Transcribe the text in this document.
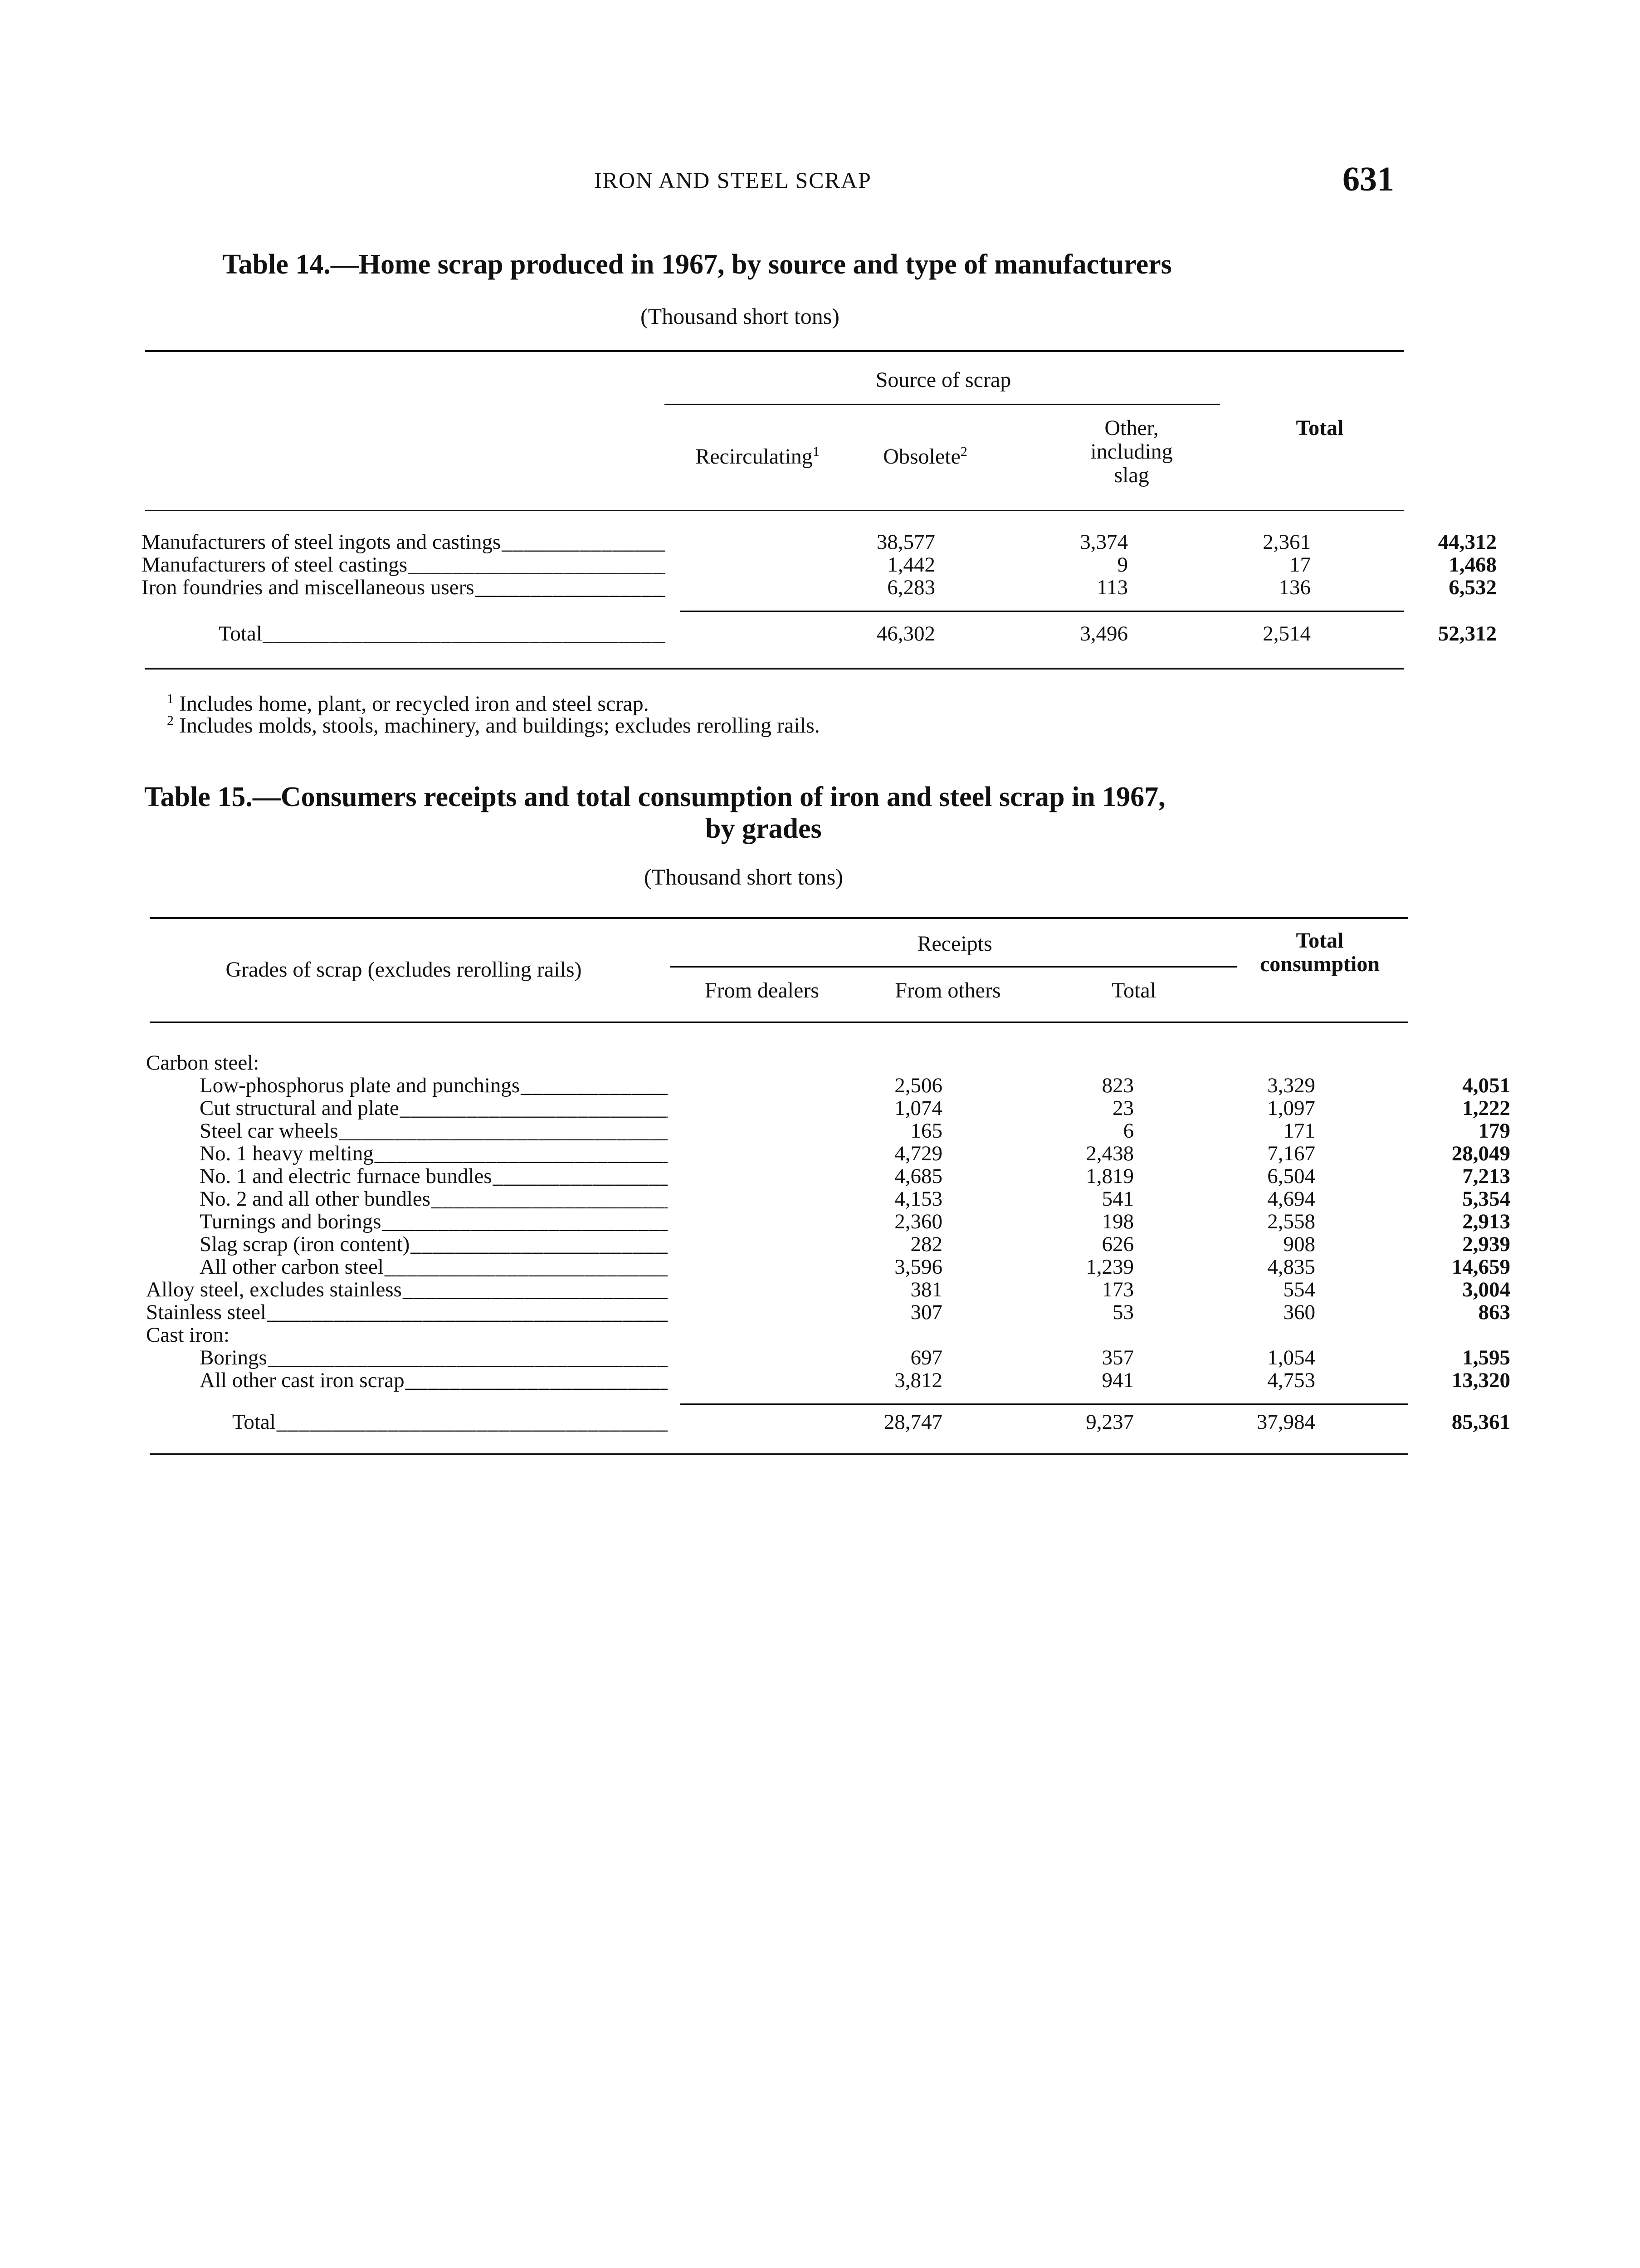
IRON AND STEEL SCRAP	631
Table 14.—Home scrap produced in 1967, by source and type of manufacturers
(Thousand short tons)
Source of scrap
Recirculating$^1$	Obsolete$^2$
Other,
including
slag
Total
Manufacturers of steel ingots and castings _____	38,577	3,374	2,361	44,312
Manufacturers of steel castings _____	1,442	9	17	1,468
Iron foundries and miscellaneous users _____	6,283	113	136	6,532
Total _____	46,302	3,496	2,514	52,312
$^1$ Includes home, plant, or recycled iron and steel scrap.
$^2$ Includes molds, stools, machinery, and buildings; excludes rerolling rails.
Table 15.—Consumers receipts and total consumption of iron and steel scrap in 1967,
by grades
(Thousand short tons)
Grades of scrap (excludes rerolling rails)
Receipts
From dealers	From others	Total
Total
consumption
Carbon steel:
Low-phosphorus plate and punchings _____	2,506	823	3,329	4,051
Cut structural and plate _____	1,074	23	1,097	1,222
Steel car wheels _____	165	6	171	179
No. 1 heavy melting _____	4,729	2,438	7,167	28,049
No. 1 and electric furnace bundles _____	4,685	1,819	6,504	7,213
No. 2 and all other bundles _____	4,153	541	4,694	5,354
Turnings and borings _____	2,360	198	2,558	2,913
Slag scrap (iron content) _____	282	626	908	2,939
All other carbon steel _____	3,596	1,239	4,835	14,659
Alloy steel, excludes stainless _____	381	173	554	3,004
Stainless steel _____	307	53	360	863
Cast iron:
Borings _____	697	357	1,054	1,595
All other cast iron scrap _____	3,812	941	4,753	13,320
Total _____	28,747	9,237	37,984	85,361
